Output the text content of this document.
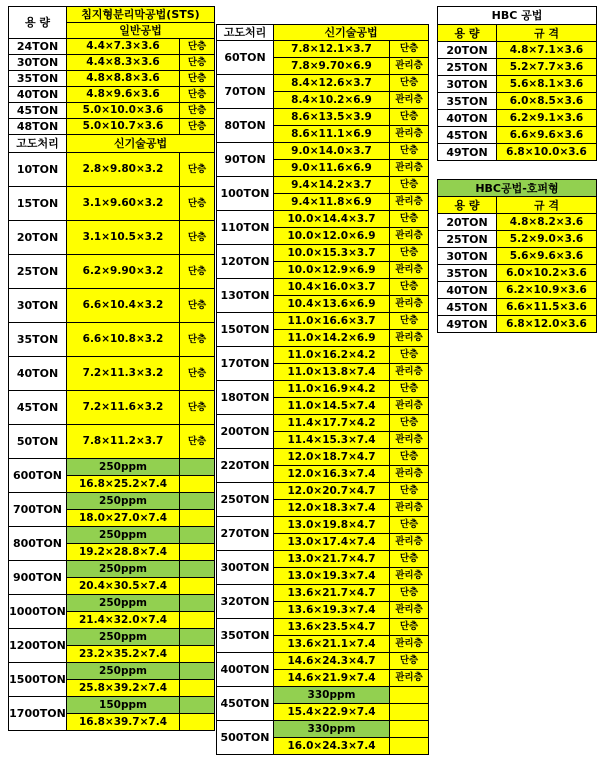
용 량	침지형분리막공법(STS)	
	일반공법	
24TON	4.4×7.3×3.6	단층
30TON	4.4×8.3×3.6	단층
35TON	4.8×8.8×3.6	단층
40TON	4.8×9.6×3.6	단층
45TON	5.0×10.0×3.6	단층
48TON	5.0×10.7×3.6	단층
고도처리	신기술공법	
10TON	2.8×9.80×3.2	단층
15TON	3.1×9.60×3.2	단층
20TON	3.1×10.5×3.2	단층
25TON	6.2×9.90×3.2	단층
30TON	6.6×10.4×3.2	단층
35TON	6.6×10.8×3.2	단층
40TON	7.2×11.3×3.2	단층
45TON	7.2×11.6×3.2	단층
50TON	7.8×11.2×3.7	단층
600TON	250ppm	
	16.8×25.2×7.4	
700TON	250ppm	
	18.0×27.0×7.4	
800TON	250ppm	
	19.2×28.8×7.4	
900TON	250ppm	
	20.4×30.5×7.4	
1000TON	250ppm	
	21.4×32.0×7.4	
1200TON	250ppm	
	23.2×35.2×7.4	
1500TON	250ppm	
	25.8×39.2×7.4	
1700TON	150ppm	
	16.8×39.7×7.4	
고도처리	신기술공법	
60TON	7.8×12.1×3.7	단층
	7.8×9.70×6.9	관리층
70TON	8.4×12.6×3.7	단층
	8.4×10.2×6.9	관리층
80TON	8.6×13.5×3.9	단층
	8.6×11.1×6.9	관리층
90TON	9.0×14.0×3.7	단층
	9.0×11.6×6.9	관리층
100TON	9.4×14.2×3.7	단층
	9.4×11.8×6.9	관리층
110TON	10.0×14.4×3.7	단층
	10.0×12.0×6.9	관리층
120TON	10.0×15.3×3.7	단층
	10.0×12.9×6.9	관리층
130TON	10.4×16.0×3.7	단층
	10.4×13.6×6.9	관리층
150TON	11.0×16.6×3.7	단층
	11.0×14.2×6.9	관리층
170TON	11.0×16.2×4.2	단층
	11.0×13.8×7.4	관리층
180TON	11.0×16.9×4.2	단층
	11.0×14.5×7.4	관리층
200TON	11.4×17.7×4.2	단층
	11.4×15.3×7.4	관리층
220TON	12.0×18.7×4.7	단층
	12.0×16.3×7.4	관리층
250TON	12.0×20.7×4.7	단층
	12.0×18.3×7.4	관리층
270TON	13.0×19.8×4.7	단층
	13.0×17.4×7.4	관리층
300TON	13.0×21.7×4.7	단층
	13.0×19.3×7.4	관리층
320TON	13.6×21.7×4.7	단층
	13.6×19.3×7.4	관리층
350TON	13.6×23.5×4.7	단층
	13.6×21.1×7.4	관리층
400TON	14.6×24.3×4.7	단층
	14.6×21.9×7.4	관리층
450TON	330ppm	
	15.4×22.9×7.4	
500TON	330ppm	
	16.0×24.3×7.4	
HBC 공법	
용 량	규 격
20TON	4.8×7.1×3.6
25TON	5.2×7.7×3.6
30TON	5.6×8.1×3.6
35TON	6.0×8.5×3.6
40TON	6.2×9.1×3.6
45TON	6.6×9.6×3.6
49TON	6.8×10.0×3.6
HBC공법-호퍼형	
용 량	규 격
20TON	4.8×8.2×3.6
25TON	5.2×9.0×3.6
30TON	5.6×9.6×3.6
35TON	6.0×10.2×3.6
40TON	6.2×10.9×3.6
45TON	6.6×11.5×3.6
49TON	6.8×12.0×3.6
